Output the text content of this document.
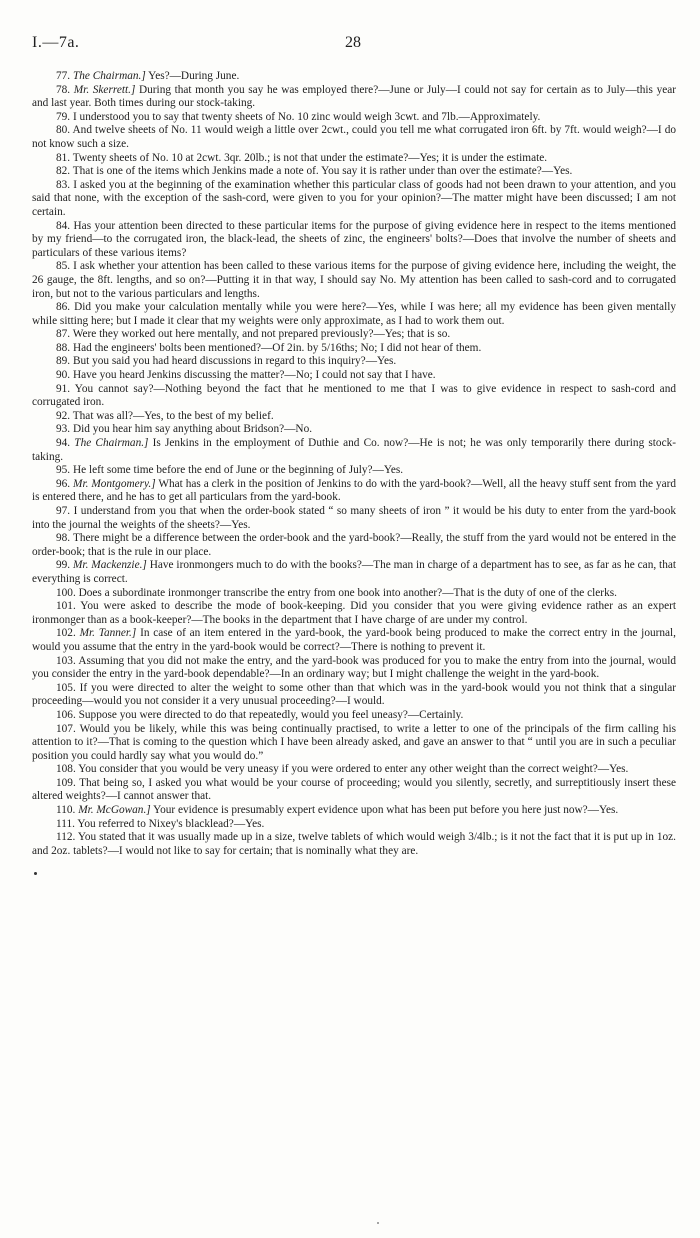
I.—7a.	28

77. The Chairman.] Yes?—During June.

78. Mr. Skerrett.] During that month you say he was employed there?—June or July—I could not say for certain as to July—this year and last year. Both times during our stock-taking.

79. I understood you to say that twenty sheets of No. 10 zinc would weigh 3cwt. and 7lb.—Approximately.

80. And twelve sheets of No. 11 would weigh a little over 2cwt., could you tell me what corrugated iron 6ft. by 7ft. would weigh?—I do not know such a size.

81. Twenty sheets of No. 10 at 2cwt. 3qr. 20lb.; is not that under the estimate?—Yes; it is under the estimate.

82. That is one of the items which Jenkins made a note of. You say it is rather under than over the estimate?—Yes.

83. I asked you at the beginning of the examination whether this particular class of goods had not been drawn to your attention, and you said that none, with the exception of the sash-cord, were given to you for your opinion?—The matter might have been discussed; I am not certain.

84. Has your attention been directed to these particular items for the purpose of giving evidence here in respect to the items mentioned by my friend—to the corrugated iron, the black-lead, the sheets of zinc, the engineers' bolts?—Does that involve the number of sheets and particulars of these various items?

85. I ask whether your attention has been called to these various items for the purpose of giving evidence here, including the weight, the 26 gauge, the 8ft. lengths, and so on?—Putting it in that way, I should say No. My attention has been called to sash-cord and to corrugated iron, but not to the various particulars and lengths.

86. Did you make your calculation mentally while you were here?—Yes, while I was here; all my evidence has been given mentally while sitting here; but I made it clear that my weights were only approximate, as I had to work them out.

87. Were they worked out here mentally, and not prepared previously?—Yes; that is so.

88. Had the engineers' bolts been mentioned?—Of 2in. by 5/16ths; No; I did not hear of them.

89. But you said you had heard discussions in regard to this inquiry?—Yes.

90. Have you heard Jenkins discussing the matter?—No; I could not say that I have.

91. You cannot say?—Nothing beyond the fact that he mentioned to me that I was to give evidence in respect to sash-cord and corrugated iron.

92. That was all?—Yes, to the best of my belief.

93. Did you hear him say anything about Bridson?—No.

94. The Chairman.] Is Jenkins in the employment of Duthie and Co. now?—He is not; he was only temporarily there during stock-taking.

95. He left some time before the end of June or the beginning of July?—Yes.

96. Mr. Montgomery.] What has a clerk in the position of Jenkins to do with the yard-book?—Well, all the heavy stuff sent from the yard is entered there, and he has to get all particulars from the yard-book.

97. I understand from you that when the order-book stated “ so many sheets of iron ” it would be his duty to enter from the yard-book into the journal the weights of the sheets?—Yes.

98. There might be a difference between the order-book and the yard-book?—Really, the stuff from the yard would not be entered in the order-book; that is the rule in our place.

99. Mr. Mackenzie.] Have ironmongers much to do with the books?—The man in charge of a department has to see, as far as he can, that everything is correct.

100. Does a subordinate ironmonger transcribe the entry from one book into another?—That is the duty of one of the clerks.

101. You were asked to describe the mode of book-keeping. Did you consider that you were giving evidence rather as an expert ironmonger than as a book-keeper?—The books in the department that I have charge of are under my control.

102. Mr. Tanner.] In case of an item entered in the yard-book, the yard-book being produced to make the correct entry in the journal, would you assume that the entry in the yard-book would be correct?—There is nothing to prevent it.

103. Assuming that you did not make the entry, and the yard-book was produced for you to make the entry from into the journal, would you consider the entry in the yard-book dependable?—In an ordinary way; but I might challenge the weight in the yard-book.

105. If you were directed to alter the weight to some other than that which was in the yard-book would you not think that a singular proceeding—would you not consider it a very unusual proceeding?—I would.

106. Suppose you were directed to do that repeatedly, would you feel uneasy?—Certainly.

107. Would you be likely, while this was being continually practised, to write a letter to one of the principals of the firm calling his attention to it?—That is coming to the question which I have been already asked, and gave an answer to that “ until you are in such a peculiar position you could hardly say what you would do.”

108. You consider that you would be very uneasy if you were ordered to enter any other weight than the correct weight?—Yes.

109. That being so, I asked you what would be your course of proceeding; would you silently, secretly, and surreptitiously insert these altered weights?—I cannot answer that.

110. Mr. McGowan.] Your evidence is presumably expert evidence upon what has been put before you here just now?—Yes.

111. You referred to Nixey's blacklead?—Yes.

112. You stated that it was usually made up in a size, twelve tablets of which would weigh 3/4lb.; is it not the fact that it is put up in 1oz. and 2oz. tablets?—I would not like to say for certain; that is nominally what they are.
